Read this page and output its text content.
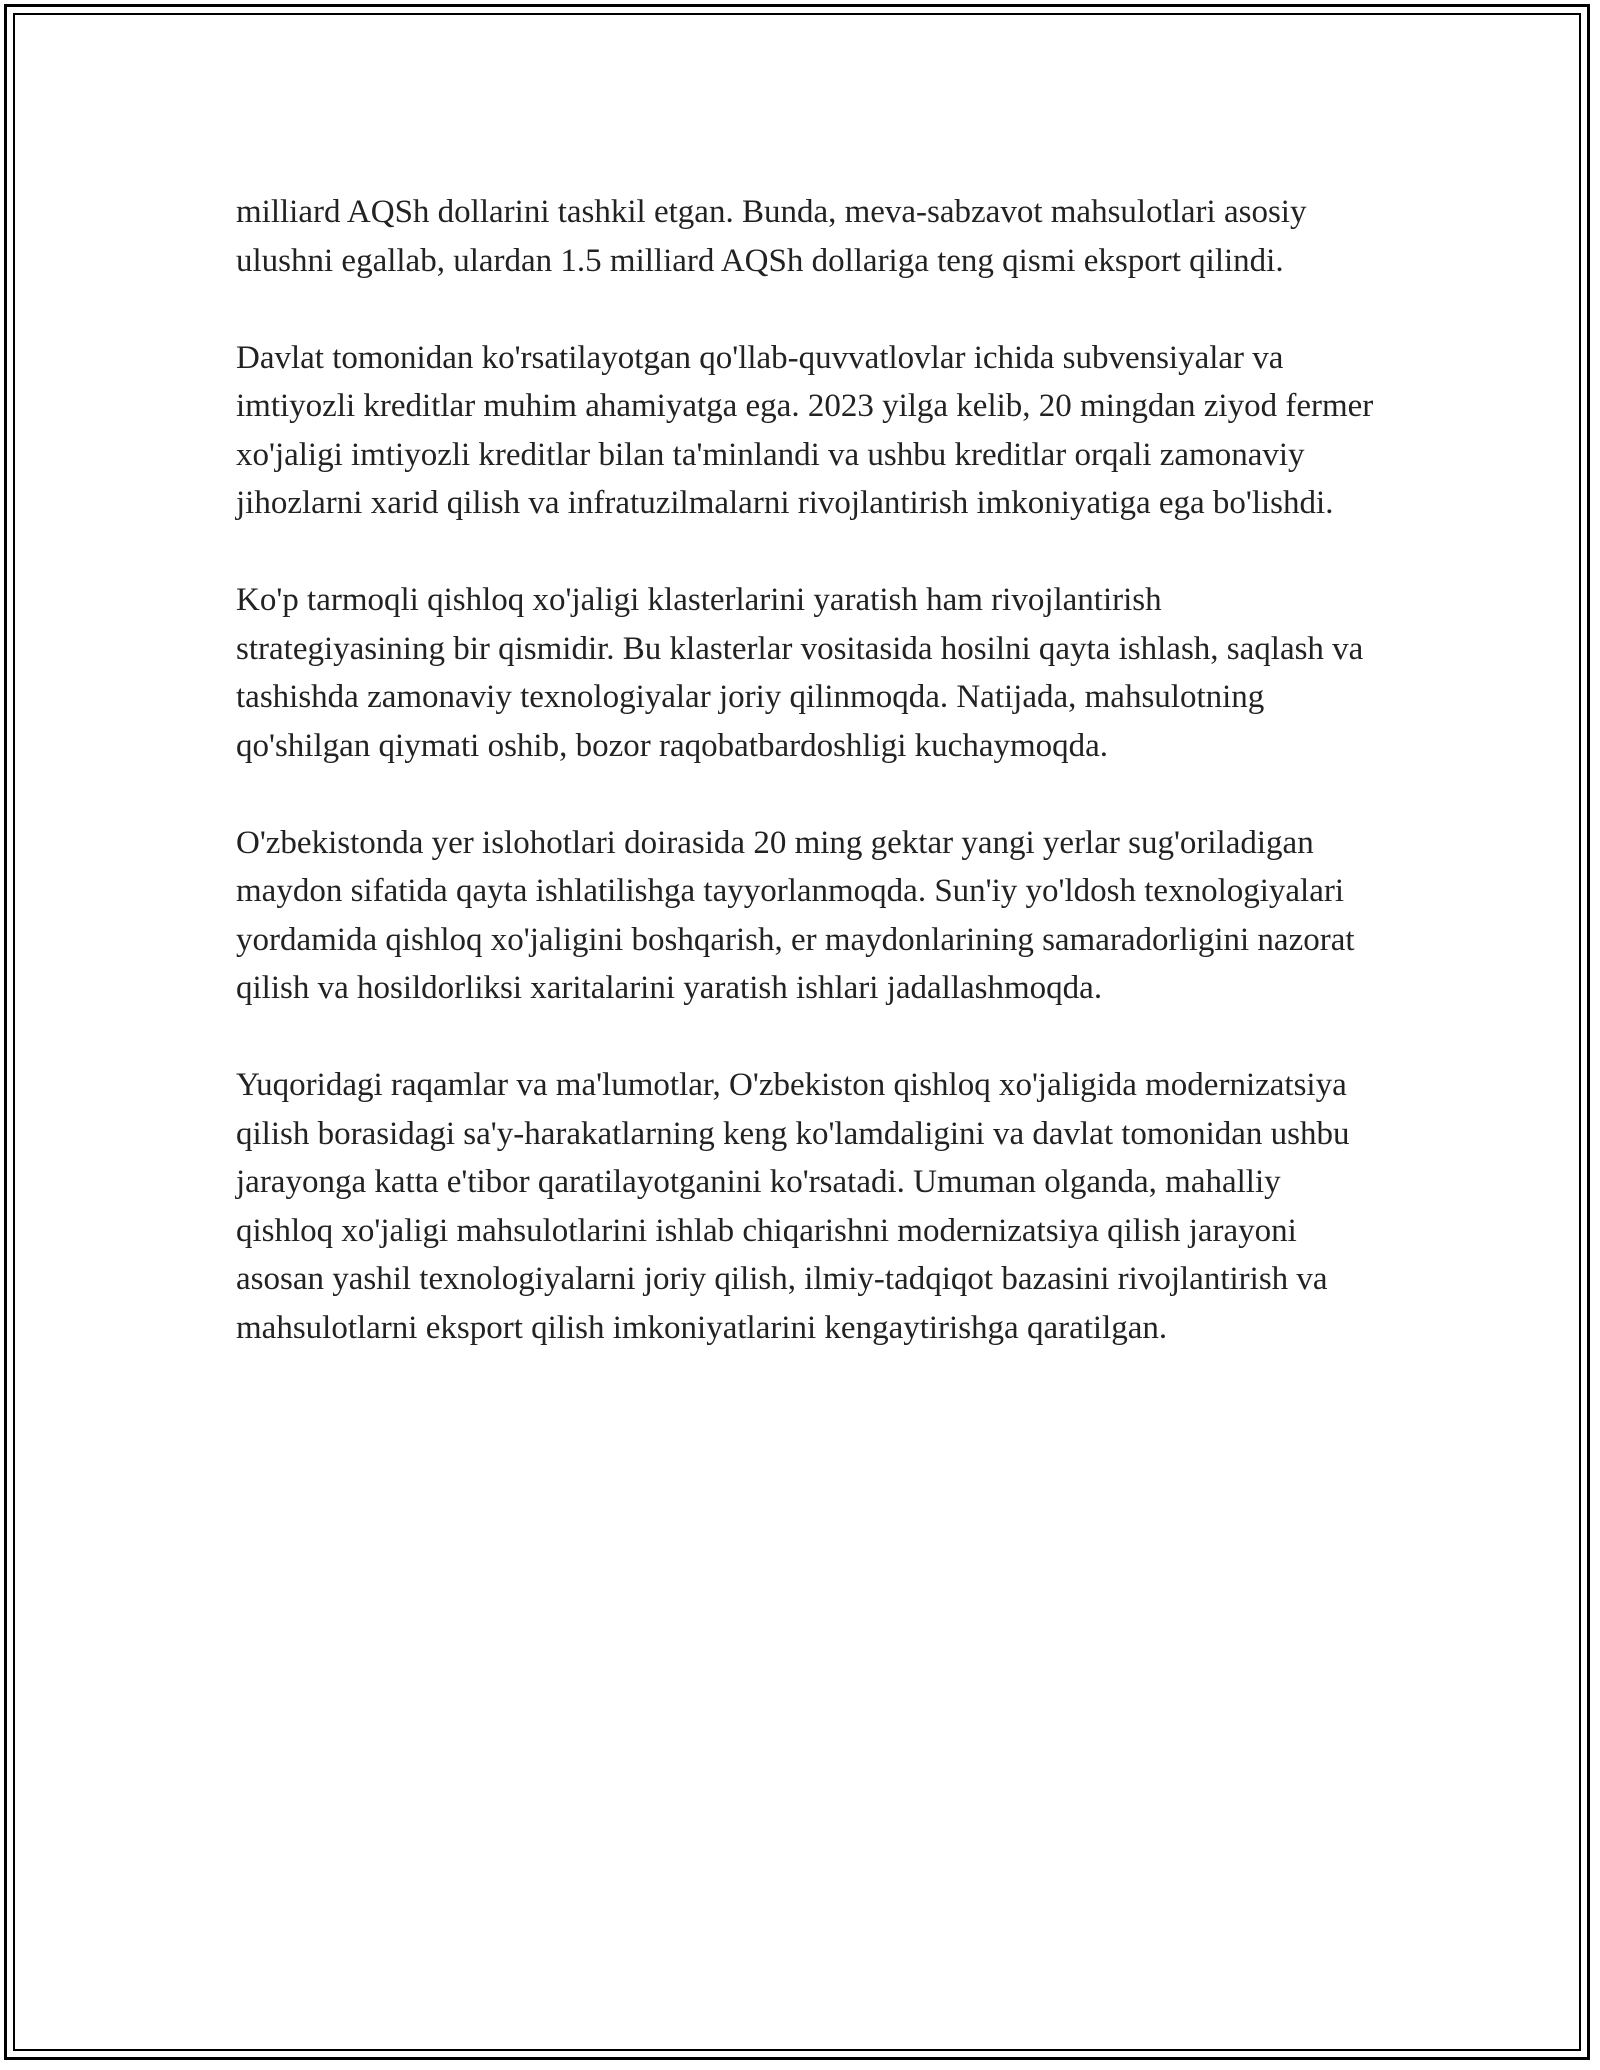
milliard AQSh dollarini tashkil etgan. Bunda, meva-sabzavot mahsulotlari asosiy ulushni egallab, ulardan 1.5 milliard AQSh dollariga teng qismi eksport qilindi.

Davlat tomonidan ko'rsatilayotgan qo'llab-quvvatlovlar ichida subvensiyalar va imtiyozli kreditlar muhim ahamiyatga ega. 2023 yilga kelib, 20 mingdan ziyod fermer xo'jaligi imtiyozli kreditlar bilan ta'minlandi va ushbu kreditlar orqali zamonaviy jihozlarni xarid qilish va infratuzilmalarni rivojlantirish imkoniyatiga ega bo'lishdi.

Ko'p tarmoqli qishloq xo'jaligi klasterlarini yaratish ham rivojlantirish strategiyasining bir qismidir. Bu klasterlar vositasida hosilni qayta ishlash, saqlash va tashishda zamonaviy texnologiyalar joriy qilinmoqda. Natijada, mahsulotning qo'shilgan qiymati oshib, bozor raqobatbardoshligi kuchaymoqda.

O'zbekistonda yer islohotlari doirasida 20 ming gektar yangi yerlar sug'oriladigan maydon sifatida qayta ishlatilishga tayyorlanmoqda. Sun'iy yo'ldosh texnologiyalari yordamida qishloq xo'jaligini boshqarish, er maydonlarining samaradorligini nazorat qilish va hosildorliksi xaritalarini yaratish ishlari jadallashmoqda.

Yuqoridagi raqamlar va ma'lumotlar, O'zbekiston qishloq xo'jaligida modernizatsiya qilish borasidagi sa'y-harakatlarning keng ko'lamdaligini va davlat tomonidan ushbu jarayonga katta e'tibor qaratilayotganini ko'rsatadi. Umuman olganda, mahalliy qishloq xo'jaligi mahsulotlarini ishlab chiqarishni modernizatsiya qilish jarayoni asosan yashil texnologiyalarni joriy qilish, ilmiy-tadqiqot bazasini rivojlantirish va mahsulotlarni eksport qilish imkoniyatlarini kengaytirishga qaratilgan.
